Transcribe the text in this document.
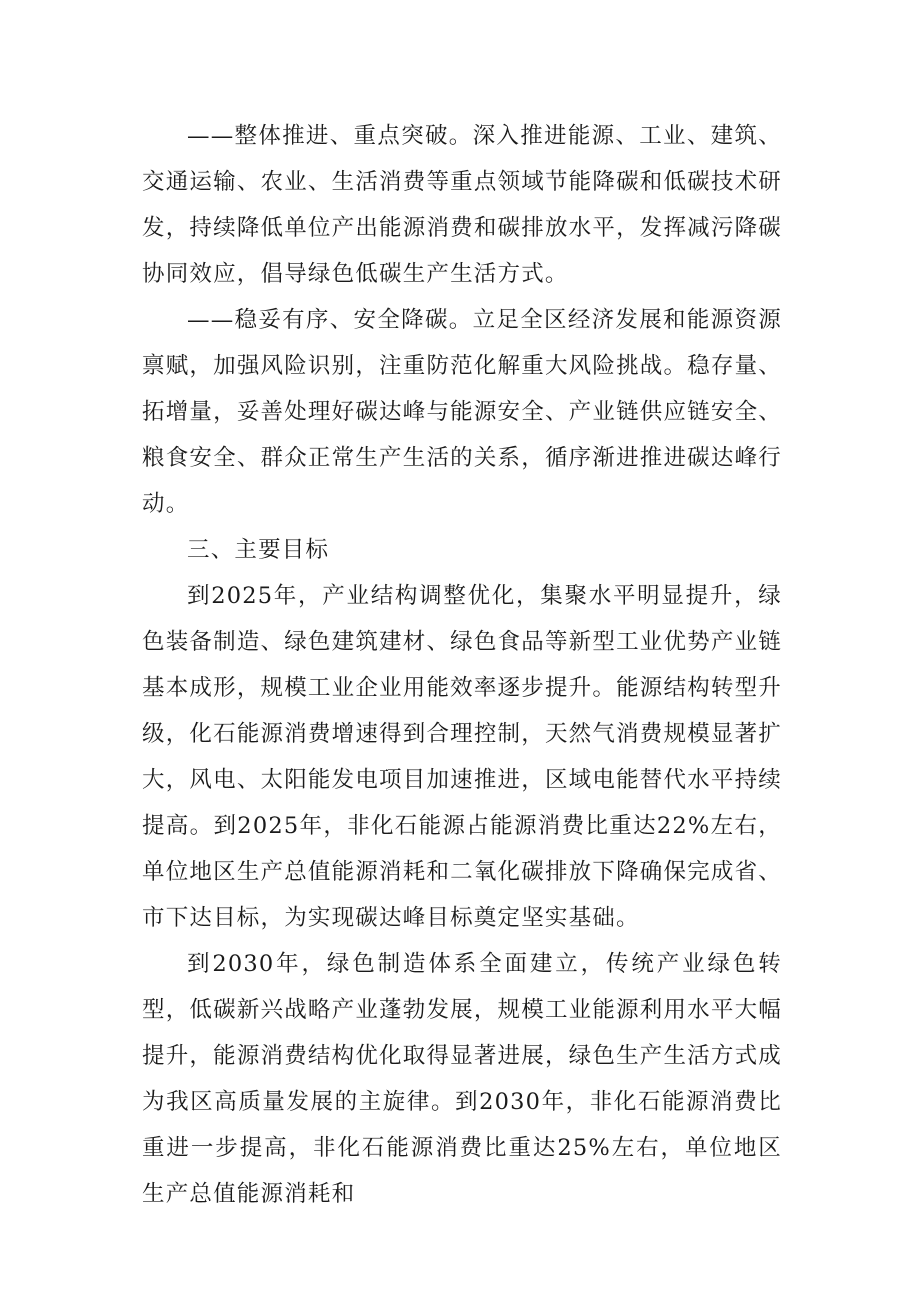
——整体推进、重点突破。深入推进能源、工业、建筑、交通运输、农业、生活消费等重点领域节能降碳和低碳技术研发，持续降低单位产出能源消费和碳排放水平，发挥减污降碳协同效应，倡导绿色低碳生产生活方式。

——稳妥有序、安全降碳。立足全区经济发展和能源资源禀赋，加强风险识别，注重防范化解重大风险挑战。稳存量、拓增量，妥善处理好碳达峰与能源安全、产业链供应链安全、粮食安全、群众正常生产生活的关系，循序渐进推进碳达峰行动。

三、主要目标

到2025年，产业结构调整优化，集聚水平明显提升，绿色装备制造、绿色建筑建材、绿色食品等新型工业优势产业链基本成形，规模工业企业用能效率逐步提升。能源结构转型升级，化石能源消费增速得到合理控制，天然气消费规模显著扩大，风电、太阳能发电项目加速推进，区域电能替代水平持续提高。到2025年，非化石能源占能源消费比重达22%左右，单位地区生产总值能源消耗和二氧化碳排放下降确保完成省、市下达目标，为实现碳达峰目标奠定坚实基础。

到2030年，绿色制造体系全面建立，传统产业绿色转型，低碳新兴战略产业蓬勃发展，规模工业能源利用水平大幅提升，能源消费结构优化取得显著进展，绿色生产生活方式成为我区高质量发展的主旋律。到2030年，非化石能源消费比重进一步提高，非化石能源消费比重达25%左右，单位地区生产总值能源消耗和
